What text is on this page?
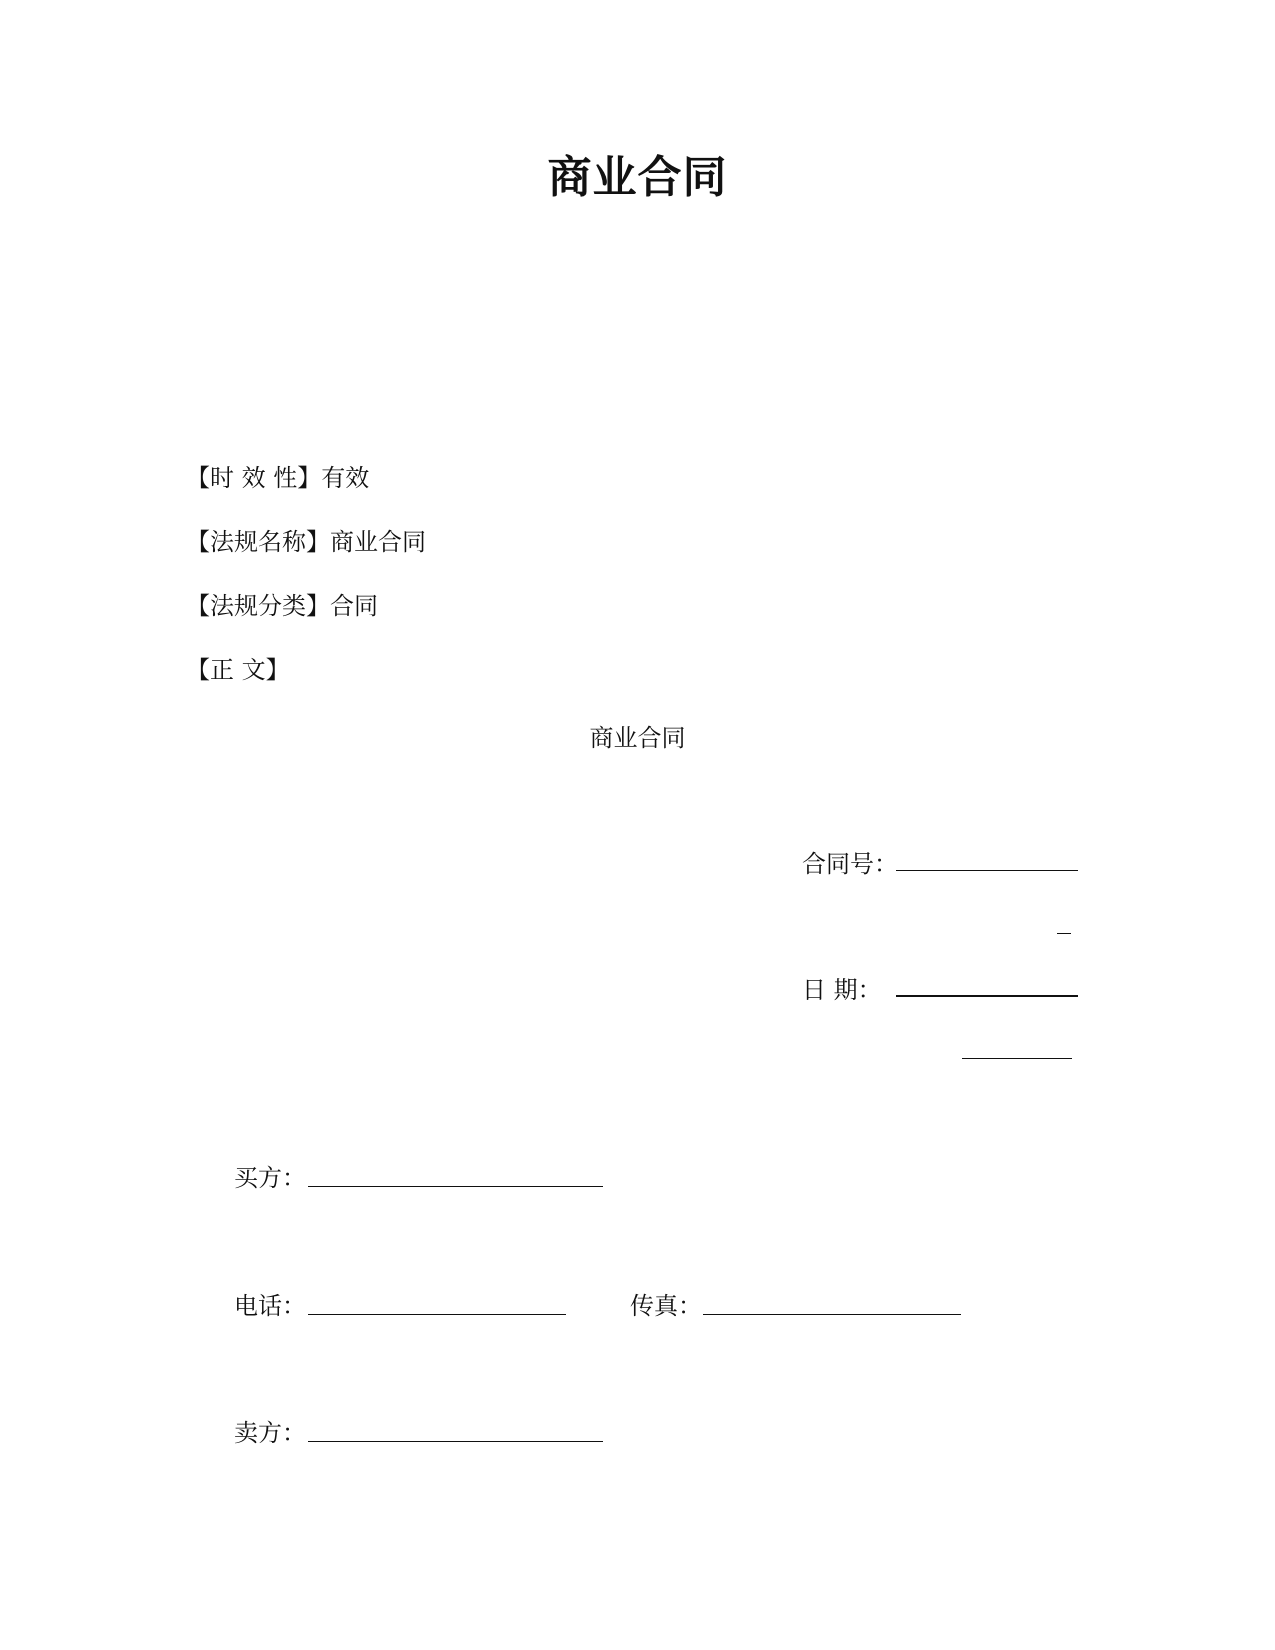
商业合同
【时 效 性】有效
【法规名称】商业合同
【法规分类】合同
【正 文】
商业合同
合同号：
日 期：
买方：
电话：	传真：
卖方：
